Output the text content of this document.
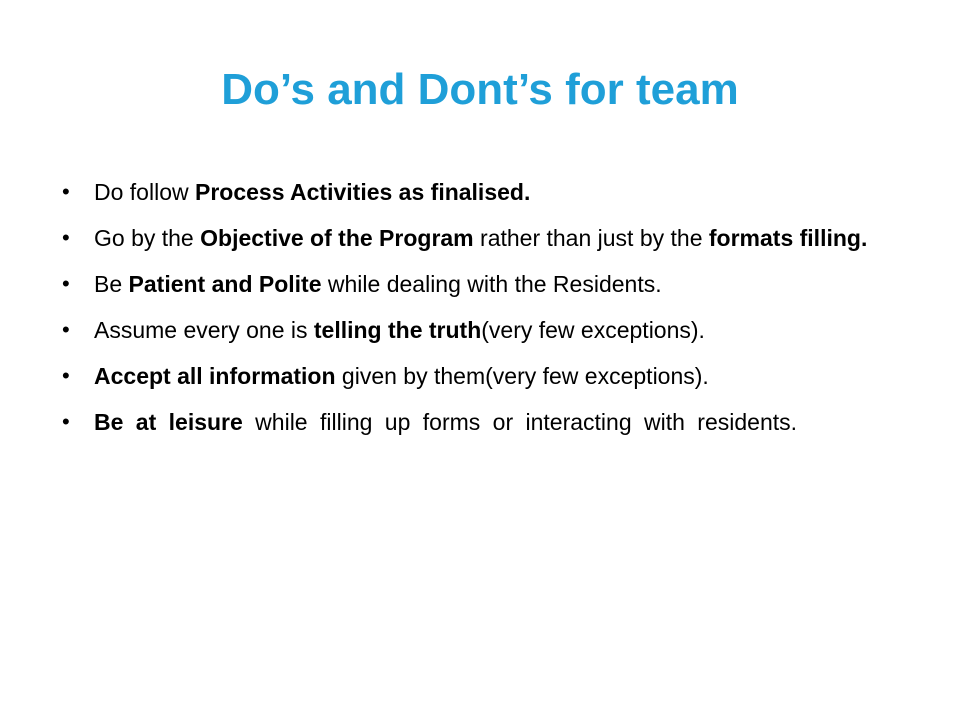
Do’s and Dont’s for team
• Do follow Process Activities as finalised.
• Go by the Objective of the Program rather than just by the formats filling.
• Be Patient and Polite while dealing with the Residents.
• Assume every one is telling the truth(very few exceptions).
• Accept all information given by them(very few exceptions).
• Be at leisure while filling up forms or interacting with residents.
